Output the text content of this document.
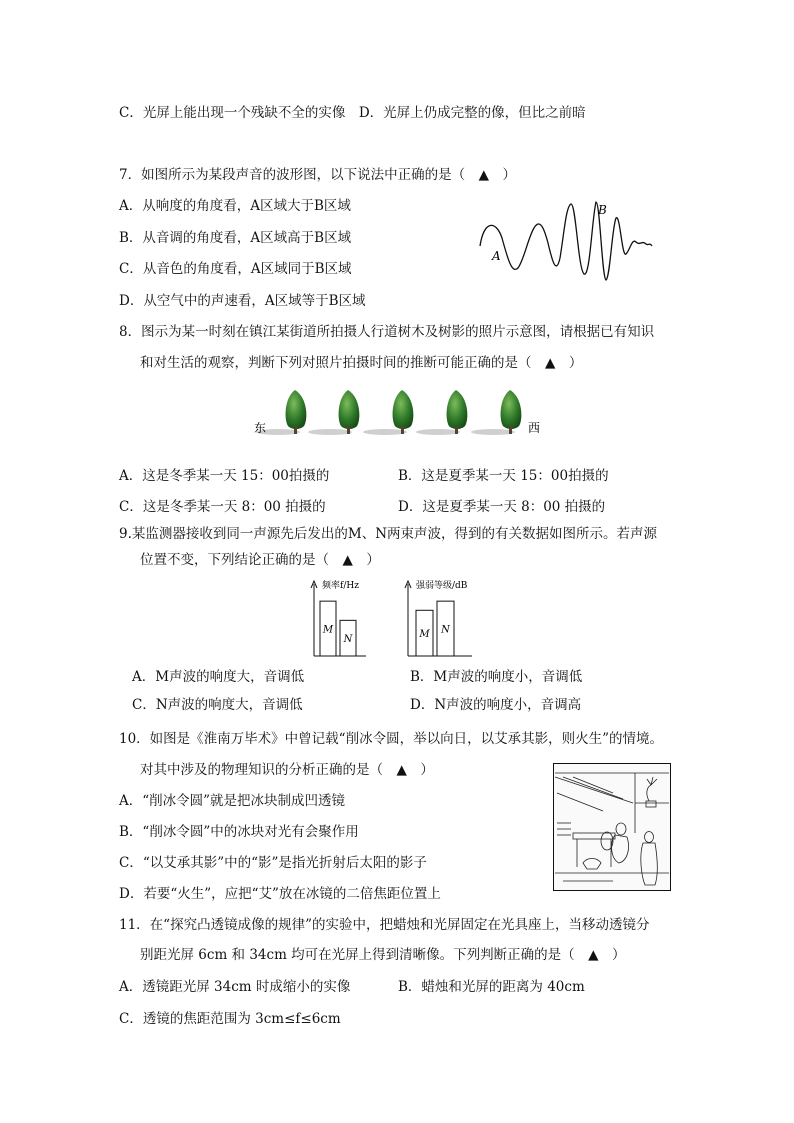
C．光屏上能出现一个残缺不全的实像　D．光屏上仍成完整的像，但比之前暗
7．如图所示为某段声音的波形图，以下说法中正确的是（　▲　）
A．从响度的角度看，A区域大于B区域
B．从音调的角度看，A区域高于B区域
C．从音色的角度看，A区域同于B区域
D．从空气中的声速看，A区域等于B区域
A
B
8．图示为某一时刻在镇江某街道所拍摄人行道树木及树影的照片示意图，请根据已有知识
和对生活的观察，判断下列对照片拍摄时间的推断可能正确的是（　▲　）
东	西
A．这是冬季某一天 15：00拍摄的	B．这是夏季某一天 15：00拍摄的
C．这是冬季某一天 8：00 拍摄的	D．这是夏季某一天 8：00 拍摄的
9.某监测器接收到同一声源先后发出的M、N两束声波，得到的有关数据如图所示。若声源
位置不变，下列结论正确的是（　▲　）
频率f/Hz
M
N
强弱等级/dB
M N
A．M声波的响度大，音调低	B．M声波的响度小，音调低
C．N声波的响度大，音调低	D．N声波的响度小，音调高
10．如图是《淮南万毕术》中曾记载“削冰令圆，举以向日，以艾承其影，则火生”的情境。
对其中涉及的物理知识的分析正确的是（　▲　）
A．“削冰令圆”就是把冰块制成凹透镜
B．“削冰令圆”中的冰块对光有会聚作用
C．“以艾承其影”中的“影”是指光折射后太阳的影子
D．若要“火生”，应把“艾”放在冰镜的二倍焦距位置上
11．在“探究凸透镜成像的规律”的实验中，把蜡烛和光屏固定在光具座上，当移动透镜分
别距光屏 6cm 和 34cm 均可在光屏上得到清晰像。下列判断正确的是（　▲　）
A．透镜距光屏 34cm 时成缩小的实像	B．蜡烛和光屏的距离为 40cm
C．透镜的焦距范围为 3cm≤f≤6cm
